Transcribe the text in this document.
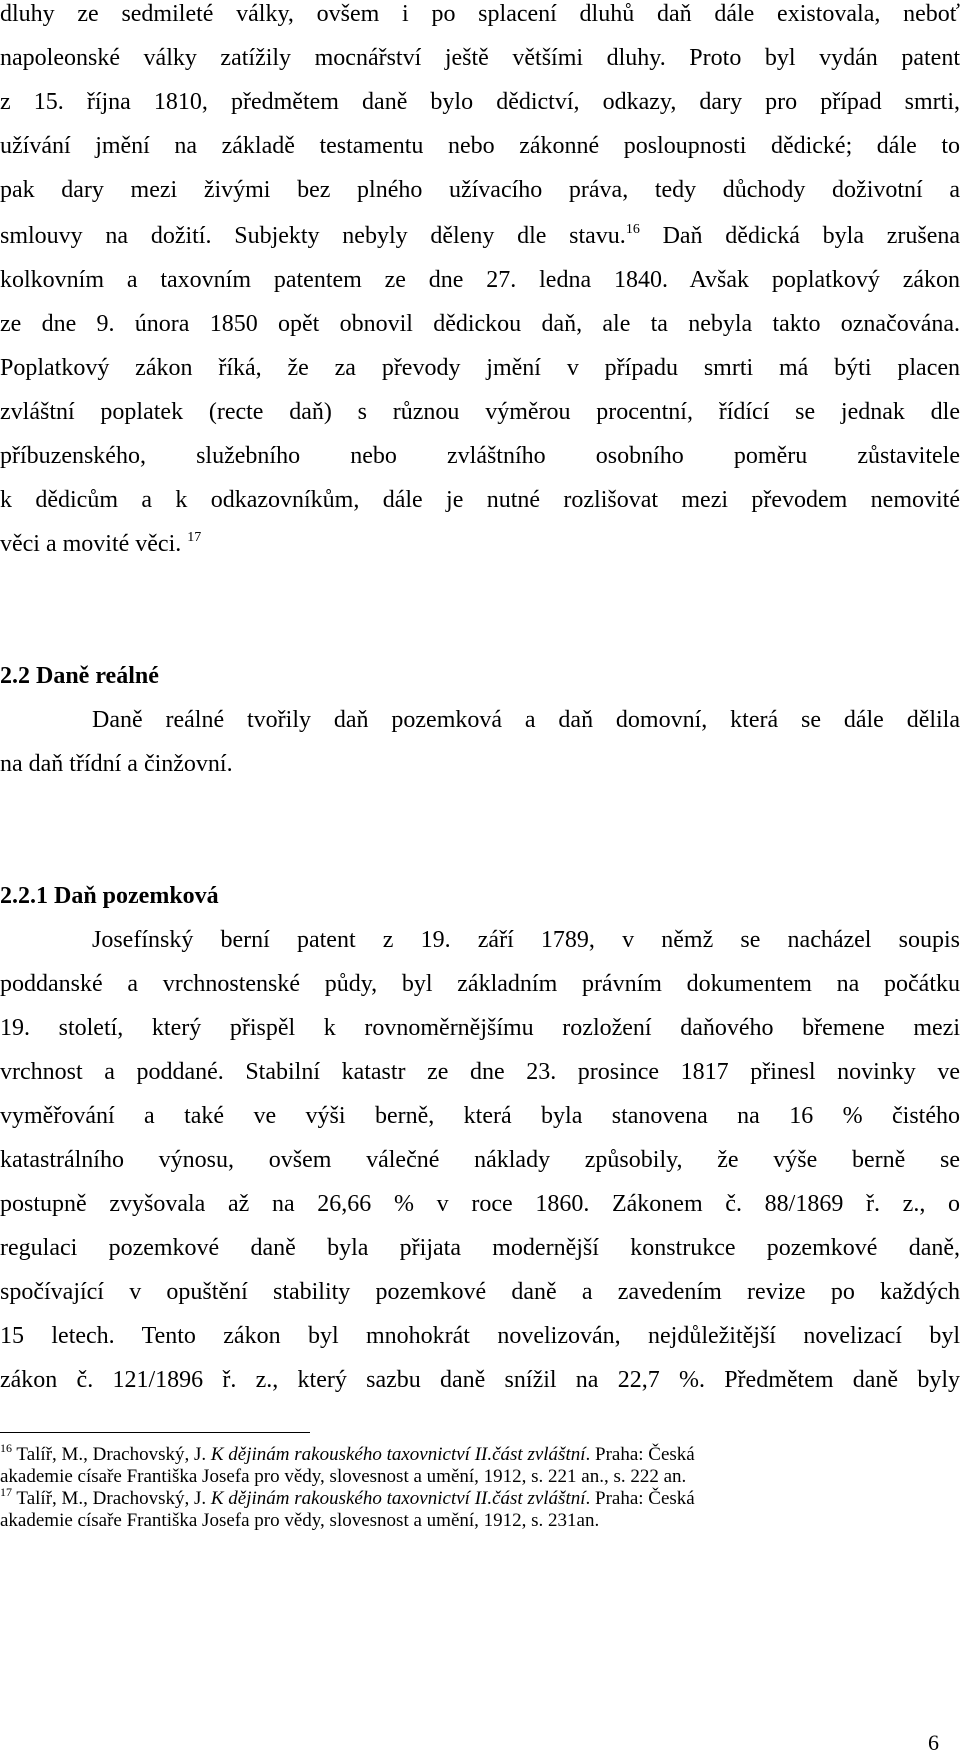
dluhy ze sedmileté války, ovšem i po splacení dluhů daň dále existovala, neboť
napoleonské války zatížily mocnářství ještě většími dluhy. Proto byl vydán patent
z 15. října 1810, předmětem daně bylo dědictví, odkazy, dary pro případ smrti,
užívání jmění na základě testamentu nebo zákonné posloupnosti dědické; dále to
pak dary mezi živými bez plného užívacího práva, tedy důchody doživotní a
smlouvy na dožití. Subjekty nebyly děleny dle stavu.$^{16}$ Daň dědická byla zrušena
kolkovním a taxovním patentem ze dne 27. ledna 1840. Avšak poplatkový zákon
ze dne 9. února 1850 opět obnovil dědickou daň, ale ta nebyla takto označována.
Poplatkový zákon říká, že za převody jmění v případu smrti má býti placen
zvláštní poplatek (recte daň) s různou výměrou procentní, řídící se jednak dle
příbuzenského, služebního nebo zvláštního osobního poměru zůstavitele
k dědicům a k odkazovníkům, dále je nutné rozlišovat mezi převodem nemovité
věci a movité věci. $^{17}$
2.2 Daně reálné
Daně reálné tvořily daň pozemková a daň domovní, která se dále dělila
na daň třídní a činžovní.
2.2.1 Daň pozemková
Josefínský berní patent z 19. září 1789, v němž se nacházel soupis
poddanské a vrchnostenské půdy, byl základním právním dokumentem na počátku
19. století, který přispěl k rovnoměrnějšímu rozložení daňového břemene mezi
vrchnost a poddané. Stabilní katastr ze dne 23. prosince 1817 přinesl novinky ve
vyměřování a také ve výši berně, která byla stanovena na 16 % čistého
katastrálního výnosu, ovšem válečné náklady způsobily, že výše berně se
postupně zvyšovala až na 26,66 % v roce 1860. Zákonem č. 88/1869 ř. z., o
regulaci pozemkové daně byla přijata modernější konstrukce pozemkové daně,
spočívající v opuštění stability pozemkové daně a zavedením revize po každých
15 letech. Tento zákon byl mnohokrát novelizován, nejdůležitější novelizací byl
zákon č. 121/1896 ř. z., který sazbu daně snížil na 22,7 %. Předmětem daně byly
$^{16}$ Talíř, M., Drachovský, J. K dějinám rakouského taxovnictví II.část zvláštní. Praha: Česká
akademie císaře Františka Josefa pro vědy, slovesnost a umění, 1912, s. 221 an., s. 222 an.
$^{17}$ Talíř, M., Drachovský, J. K dějinám rakouského taxovnictví II.část zvláštní. Praha: Česká
akademie císaře Františka Josefa pro vědy, slovesnost a umění, 1912, s. 231an.
6
